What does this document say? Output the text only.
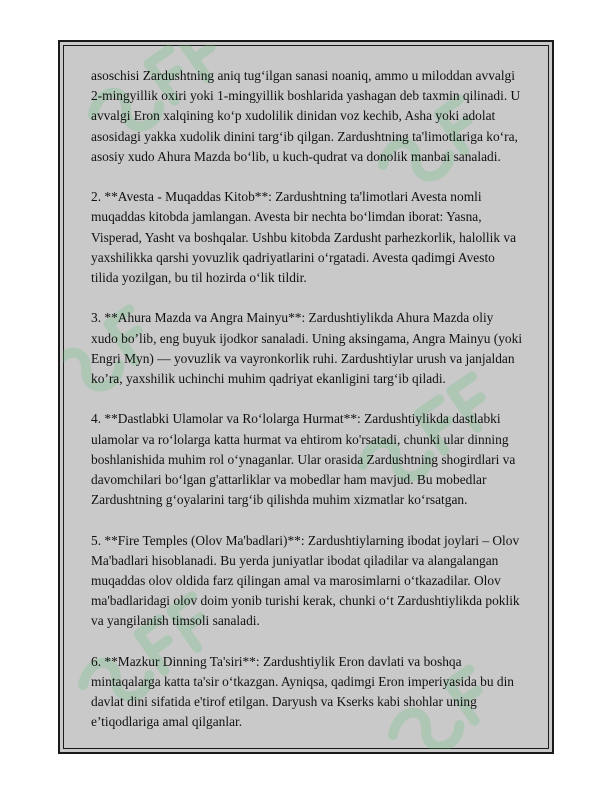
asoschisi Zardushtning aniq tug‘ilgan sanasi noaniq, ammo u miloddan avvalgi 2-mingyillik oxiri yoki 1-mingyillik boshlarida yashagan deb taxmin qilinadi. U avvalgi Eron xalqining ko‘p xudolilik dinidan voz kechib, Asha yoki adolat asosidagi yakka xudolik dinini targ‘ib qilgan. Zardushtning ta'limotlariga ko‘ra, asosiy xudo Ahura Mazda bo‘lib, u kuch-qudrat va donolik manbai sanaladi.

2. **Avesta - Muqaddas Kitob**: Zardushtning ta'limotlari Avesta nomli muqaddas kitobda jamlangan. Avesta bir nechta bo‘limdan iborat: Yasna, Visperad, Yasht va boshqalar. Ushbu kitobda Zardusht parhezkorlik, halollik va yaxshilikka qarshi yovuzlik qadriyatlarini o‘rgatadi. Avesta qadimgi Avesto tilida yozilgan, bu til hozirda o‘lik tildir.

3. **Ahura Mazda va Angra Mainyu**: Zardushtiylikda Ahura Mazda oliy xudo bo’lib, eng buyuk ijodkor sanaladi. Uning aksingama, Angra Mainyu (yoki Engri Myn) — yovuzlik va vayronkorlik ruhi. Zardushtiylar urush va janjaldan ko’ra, yaxshilik uchinchi muhim qadriyat ekanligini targ‘ib qiladi.

4. **Dastlabki Ulamolar va Ro‘lolarga Hurmat**: Zardushtiylikda dastlabki ulamolar va ro‘lolarga katta hurmat va ehtirom ko'rsatadi, chunki ular dinning boshlanishida muhim rol o‘ynaganlar. Ular orasida Zardushtning shogirdlari va davomchilari bo‘lgan g'attarliklar va mobedlar ham mavjud. Bu mobedlar Zardushtning g‘oyalarini targ‘ib qilishda muhim xizmatlar ko‘rsatgan.

5. **Fire Temples (Olov Ma'badlari)**: Zardushtiylarning ibodat joylari – Olov Ma'badlari hisoblanadi. Bu yerda juniyatlar ibodat qiladilar va alangalangan muqaddas olov oldida farz qilingan amal va marosimlarni o‘tkazadilar. Olov ma'badlaridagi olov doim yonib turishi kerak, chunki o‘t Zardushtiylikda poklik va yangilanish timsoli sanaladi.

6. **Mazkur Dinning Ta'siri**: Zardushtiylik Eron davlati va boshqa mintaqalarga katta ta'sir o‘tkazgan. Ayniqsa, qadimgi Eron imperiyasida bu din davlat dini sifatida e'tirof etilgan. Daryush va Kserks kabi shohlar uning e’tiqodlariga amal qilganlar.
